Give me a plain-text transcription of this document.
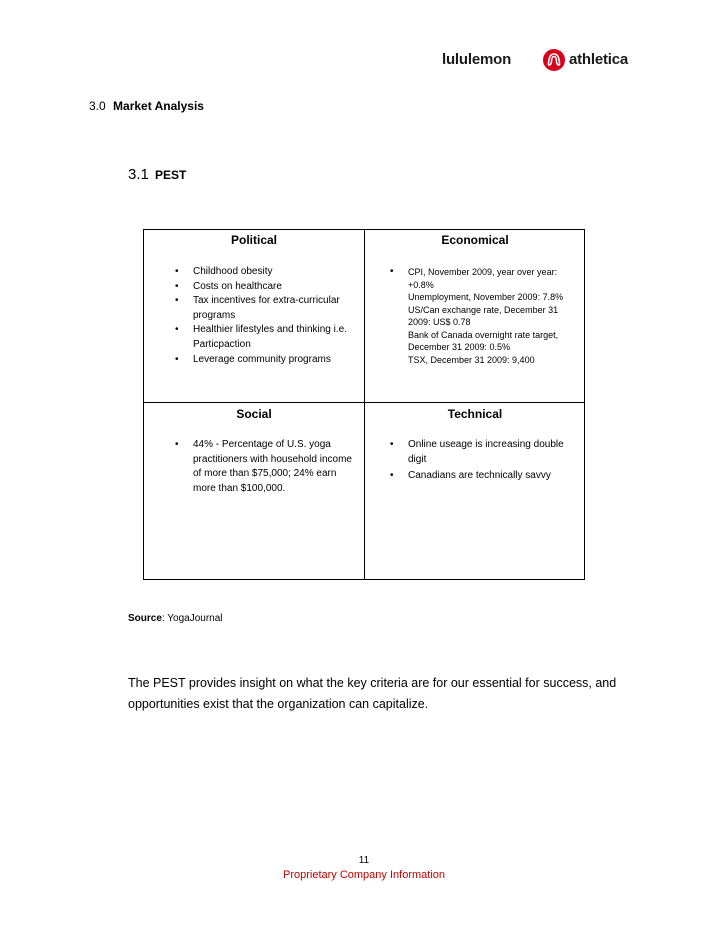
lululemon	athletica
3.0 Market Analysis
3.1 PEST
Political
• Childhood obesity
• Costs on healthcare
• Tax incentives for extra-curricular programs
• Healthier lifestyles and thinking i.e. Particpaction
• Leverage community programs
Economical
• CPI, November 2009, year over year: +0.8%
Unemployment, November 2009: 7.8%
US/Can exchange rate, December 31 2009: US$ 0.78
Bank of Canada overnight rate target, December 31 2009: 0.5%
TSX, December 31 2009: 9,400
Social
• 44% - Percentage of U.S. yoga practitioners with household income of more than $75,000; 24% earn more than $100,000.
Technical
• Online useage is increasing double digit
• Canadians are technically savvy
Source: YogaJournal
The PEST provides insight on what the key criteria are for our essential for success, and opportunities exist that the organization can capitalize.
11
Proprietary Company Information
